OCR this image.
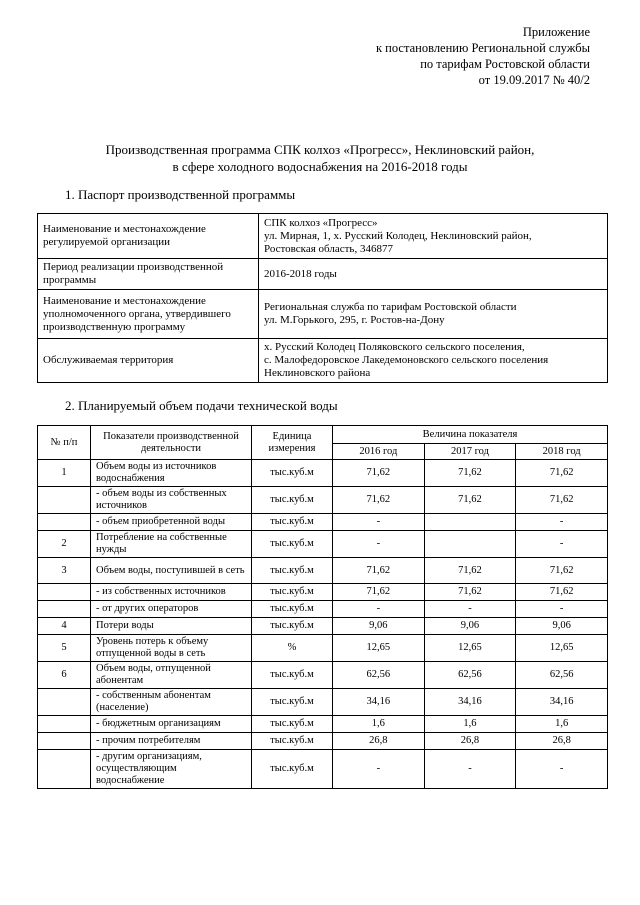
Приложение
к постановлению Региональной службы
по тарифам Ростовской области
от 19.09.2017 № 40/2
Производственная программа СПК колхоз «Прогресс», Неклиновский район,
в сфере холодного водоснабжения на 2016-2018 годы
1. Паспорт производственной программы
Наименование и местонахождение регулируемой организации	СПК колхоз «Прогресс»
ул. Мирная, 1, х. Русский Колодец, Неклиновский район,
Ростовская область, 346877

Период реализации производственной программы	2016-2018 годы

Наименование и местонахождение уполномоченного органа, утвердившего производственную программу	Региональная служба по тарифам Ростовской области
ул. М.Горького, 295, г. Ростов-на-Дону

Обслуживаемая территория	х. Русский Колодец Поляковского сельского поселения,
с. Малофедоровское Лакедемоновского сельского поселения
Неклиновского района
2. Планируемый объем подачи технической воды
№ п/п	Показатели производственной деятельности	Единица измерения	Величина показателя		
			2016 год	2017 год	2018 год
1	Объем воды из источников водоснабжения	тыс.куб.м	71,62	71,62	71,62
	- объем воды из собственных источников	тыс.куб.м	71,62	71,62	71,62
	- объем приобретенной воды	тыс.куб.м	-		-
2	Потребление на собственные нужды	тыс.куб.м	-		-
3	Объем воды, поступившей в сеть	тыс.куб.м	71,62	71,62	71,62
	- из собственных источников	тыс.куб.м	71,62	71,62	71,62
	- от других операторов	тыс.куб.м	-	-	-
4	Потери воды	тыс.куб.м	9,06	9,06	9,06
5	Уровень потерь к объему отпущенной воды в сеть	%	12,65	12,65	12,65
6	Объем воды, отпущенной абонентам	тыс.куб.м	62,56	62,56	62,56
	- собственным абонентам (население)	тыс.куб.м	34,16	34,16	34,16
	- бюджетным организациям	тыс.куб.м	1,6	1,6	1,6
	- прочим потребителям	тыс.куб.м	26,8	26,8	26,8
	- другим организациям, осуществляющим водоснабжение	тыс.куб.м	-	-	-
